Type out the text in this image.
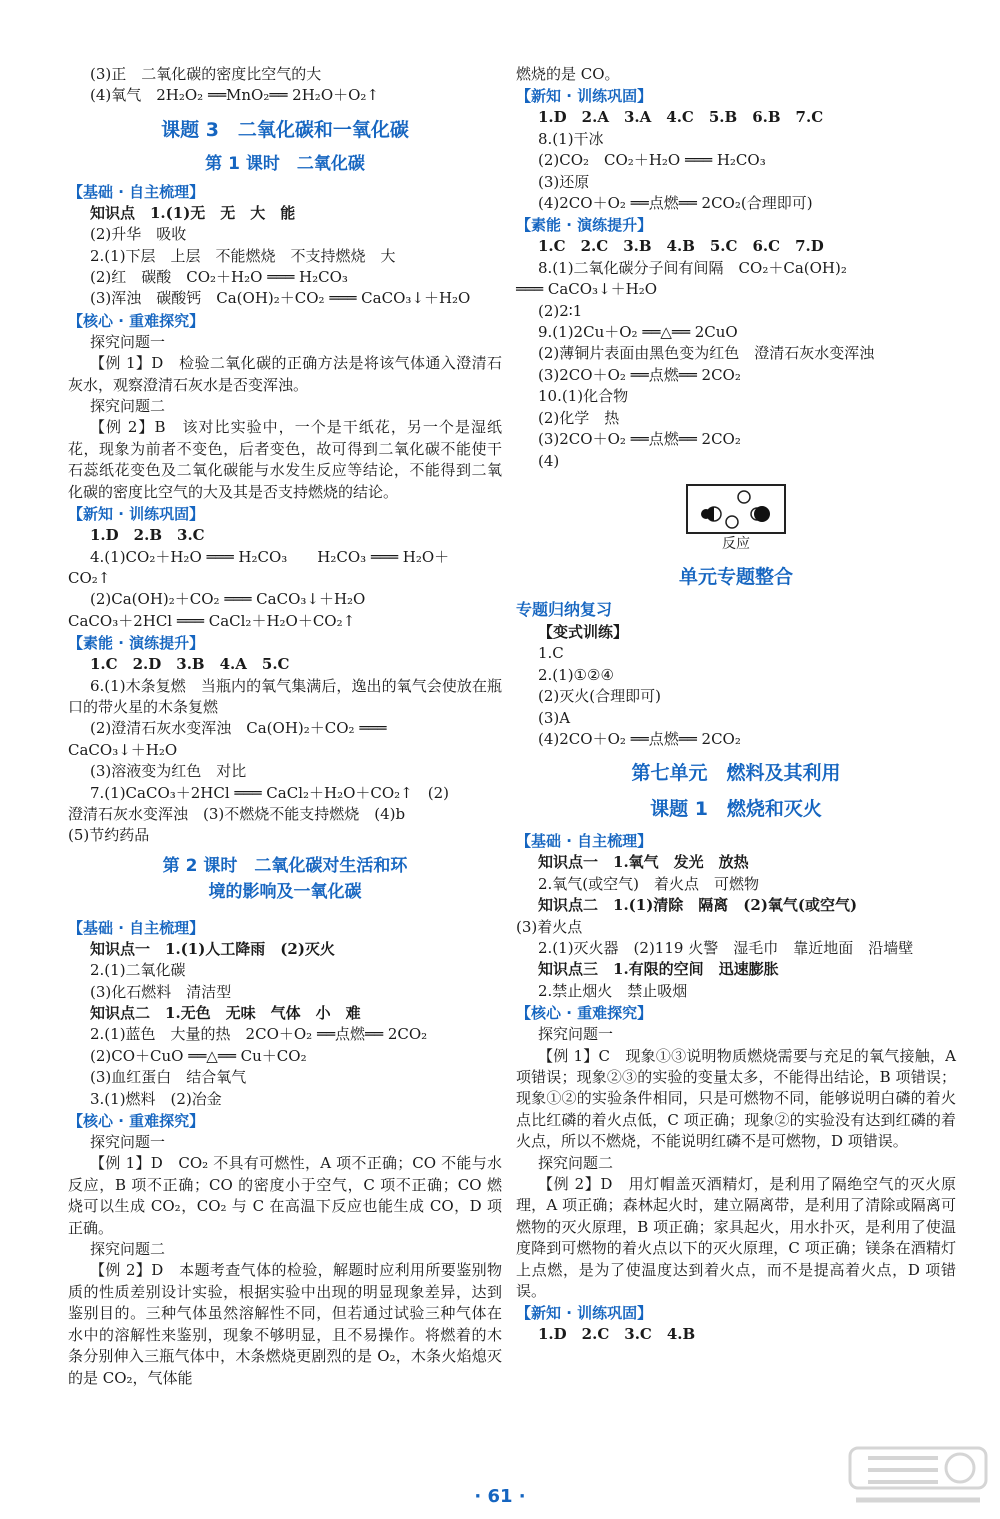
(3)正　二氧化碳的密度比空气的大
(4)氧气　2H₂O₂ ══MnO₂══ 2H₂O＋O₂↑
课题 3　二氧化碳和一氧化碳
第 1 课时　二氧化碳
【基础 · 自主梳理】
知识点　1.(1)无　无　大　能
(2)升华　吸收
2.(1)下层　上层　不能燃烧　不支持燃烧　大
(2)红　碳酸　CO₂＋H₂O ═══ H₂CO₃
(3)浑浊　碳酸钙　Ca(OH)₂＋CO₂ ═══ CaCO₃↓＋H₂O
【核心 · 重难探究】
探究问题一
【例 1】D　检验二氧化碳的正确方法是将该气体通入澄清石灰水，观察澄清石灰水是否变浑浊。
探究问题二
【例 2】B　该对比实验中，一个是干纸花，另一个是湿纸花，现象为前者不变色，后者变色，故可得到二氧化碳不能使干石蕊纸花变色及二氧化碳能与水发生反应等结论，不能得到二氧化碳的密度比空气的大及其是否支持燃烧的结论。
【新知 · 训练巩固】
1.D　2.B　3.C
4.(1)CO₂＋H₂O ═══ H₂CO₃　　H₂CO₃ ═══ H₂O＋
CO₂↑
(2)Ca(OH)₂＋CO₂ ═══ CaCO₃↓＋H₂O
CaCO₃＋2HCl ═══ CaCl₂＋H₂O＋CO₂↑
【素能 · 演练提升】
1.C　2.D　3.B　4.A　5.C
6.(1)木条复燃　当瓶内的氧气集满后，逸出的氧气会使放在瓶口的带火星的木条复燃
(2)澄清石灰水变浑浊　Ca(OH)₂＋CO₂ ═══
CaCO₃↓＋H₂O
(3)溶液变为红色　对比
7.(1)CaCO₃＋2HCl ═══ CaCl₂＋H₂O＋CO₂↑　(2)
澄清石灰水变浑浊　(3)不燃烧不能支持燃烧　(4)b
(5)节约药品
第 2 课时　二氧化碳对生活和环
境的影响及一氧化碳
【基础 · 自主梳理】
知识点一　1.(1)人工降雨　(2)灭火
2.(1)二氧化碳
(3)化石燃料　清洁型
知识点二　1.无色　无味　气体　小　难
2.(1)蓝色　大量的热　2CO＋O₂ ══点燃══ 2CO₂
(2)CO＋CuO ══△══ Cu＋CO₂
(3)血红蛋白　结合氧气
3.(1)燃料　(2)冶金
【核心 · 重难探究】
探究问题一
【例 1】D　CO₂ 不具有可燃性，A 项不正确；CO 不能与水反应，B 项不正确；CO 的密度小于空气，C 项不正确；CO 燃烧可以生成 CO₂，CO₂ 与 C 在高温下反应也能生成 CO，D 项正确。
探究问题二
【例 2】D　本题考查气体的检验，解题时应利用所要鉴别物质的性质差别设计实验，根据实验中出现的明显现象差异，达到鉴别目的。三种气体虽然溶解性不同，但若通过试验三种气体在水中的溶解性来鉴别，现象不够明显，且不易操作。将燃着的木条分别伸入三瓶气体中，木条燃烧更剧烈的是 O₂，木条火焰熄灭的是 CO₂，气体能
燃烧的是 CO。
【新知 · 训练巩固】
1.D　2.A　3.A　4.C　5.B　6.B　7.C
8.(1)干冰
(2)CO₂　CO₂＋H₂O ═══ H₂CO₃
(3)还原
(4)2CO＋O₂ ══点燃══ 2CO₂(合理即可)
【素能 · 演练提升】
1.C　2.C　3.B　4.B　5.C　6.C　7.D
8.(1)二氧化碳分子间有间隔　CO₂＋Ca(OH)₂
═══ CaCO₃↓＋H₂O
(2)2∶1
9.(1)2Cu＋O₂ ══△══ 2CuO
(2)薄铜片表面由黑色变为红色　澄清石灰水变浑浊
(3)2CO＋O₂ ══点燃══ 2CO₂
10.(1)化合物
(2)化学　热
(3)2CO＋O₂ ══点燃══ 2CO₂
(4)
反应
单元专题整合
专题归纳复习
【变式训练】
1.C
2.(1)①②④
(2)灭火(合理即可)
(3)A
(4)2CO＋O₂ ══点燃══ 2CO₂
第七单元　燃料及其利用
课题 1　燃烧和灭火
【基础 · 自主梳理】
知识点一　1.氧气　发光　放热
2.氧气(或空气)　着火点　可燃物
知识点二　1.(1)清除　隔离　(2)氧气(或空气)
(3)着火点
2.(1)灭火器　(2)119 火警　湿毛巾　靠近地面　沿墙壁
知识点三　1.有限的空间　迅速膨胀
2.禁止烟火　禁止吸烟
【核心 · 重难探究】
探究问题一
【例 1】C　现象①③说明物质燃烧需要与充足的氧气接触，A 项错误；现象②③的实验的变量太多，不能得出结论，B 项错误；现象①②的实验条件相同，只是可燃物不同，能够说明白磷的着火点比红磷的着火点低，C 项正确；现象②的实验没有达到红磷的着火点，所以不燃烧，不能说明红磷不是可燃物，D 项错误。
探究问题二
【例 2】D　用灯帽盖灭酒精灯，是利用了隔绝空气的灭火原理，A 项正确；森林起火时，建立隔离带，是利用了清除或隔离可燃物的灭火原理，B 项正确；家具起火，用水扑灭，是利用了使温度降到可燃物的着火点以下的灭火原理，C 项正确；镁条在酒精灯上点燃，是为了使温度达到着火点，而不是提高着火点，D 项错误。
【新知 · 训练巩固】
1.D　2.C　3.C　4.B
· 61 ·
